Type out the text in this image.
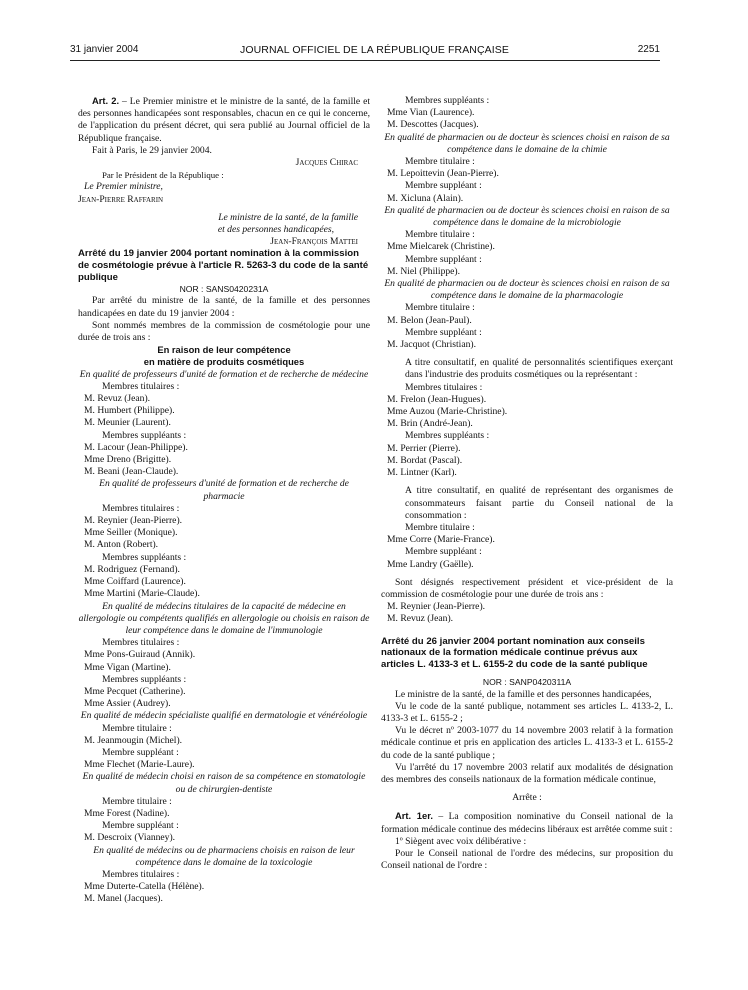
31 janvier 2004	JOURNAL OFFICIEL DE LA RÉPUBLIQUE FRANÇAISE	2251

Art. 2. – Le Premier ministre et le ministre de la santé, de la famille et des personnes handicapées sont responsables, chacun en ce qui le concerne, de l'application du présent décret, qui sera publié au Journal officiel de la République française.

Fait à Paris, le 29 janvier 2004.

Jacques Chirac

Par le Président de la République :

Le Premier ministre,

Jean-Pierre Raffarin

Le ministre de la santé, de la famille

et des personnes handicapées,

Jean-François Mattei

Arrêté du 19 janvier 2004 portant nomination à la commission de cosmétologie prévue à l'article R. 5263-3 du code de la santé publique

NOR : SANS0420231A

Par arrêté du ministre de la santé, de la famille et des personnes handicapées en date du 19 janvier 2004 :

Sont nommés membres de la commission de cosmétologie pour une durée de trois ans :

En raison de leur compétence
en matière de produits cosmétiques

En qualité de professeurs d'unité de formation et de recherche de médecine

Membres titulaires :

M. Revuz (Jean).

M. Humbert (Philippe).

M. Meunier (Laurent).

Membres suppléants :

M. Lacour (Jean-Philippe).

Mme Dreno (Brigitte).

M. Beani (Jean-Claude).

En qualité de professeurs d'unité de formation et de recherche de pharmacie

Membres titulaires :

M. Reynier (Jean-Pierre).

Mme Seiller (Monique).

M. Anton (Robert).

Membres suppléants :

M. Rodriguez (Fernand).

Mme Coiffard (Laurence).

Mme Martini (Marie-Claude).

En qualité de médecins titulaires de la capacité de médecine en allergologie ou compétents qualifiés en allergologie ou choisis en raison de leur compétence dans le domaine de l'immunologie

Membres titulaires :

Mme Pons-Guiraud (Annik).

Mme Vigan (Martine).

Membres suppléants :

Mme Pecquet (Catherine).

Mme Assier (Audrey).

En qualité de médecin spécialiste qualifié en dermatologie et vénéréologie

Membre titulaire :

M. Jeanmougin (Michel).

Membre suppléant :

Mme Flechet (Marie-Laure).

En qualité de médecin choisi en raison de sa compétence en stomatologie ou de chirurgien-dentiste

Membre titulaire :

Mme Forest (Nadine).

Membre suppléant :

M. Descroix (Vianney).

En qualité de médecins ou de pharmaciens choisis en raison de leur compétence dans le domaine de la toxicologie

Membres titulaires :

Mme Duterte-Catella (Hélène).

M. Manel (Jacques).

Membres suppléants :

Mme Vian (Laurence).

M. Descottes (Jacques).

En qualité de pharmacien ou de docteur ès sciences choisi en raison de sa compétence dans le domaine de la chimie

Membre titulaire :

M. Lepoittevin (Jean-Pierre).

Membre suppléant :

M. Xicluna (Alain).

En qualité de pharmacien ou de docteur ès sciences choisi en raison de sa compétence dans le domaine de la microbiologie

Membre titulaire :

Mme Mielcarek (Christine).

Membre suppléant :

M. Niel (Philippe).

En qualité de pharmacien ou de docteur ès sciences choisi en raison de sa compétence dans le domaine de la pharmacologie

Membre titulaire :

M. Belon (Jean-Paul).

Membre suppléant :

M. Jacquot (Christian).

A titre consultatif, en qualité de personnalités scientifiques exerçant dans l'industrie des produits cosmétiques ou la représentant :

Membres titulaires :

M. Frelon (Jean-Hugues).

Mme Auzou (Marie-Christine).

M. Brin (André-Jean).

Membres suppléants :

M. Perrier (Pierre).

M. Bordat (Pascal).

M. Lintner (Karl).

A titre consultatif, en qualité de représentant des organismes de consommateurs faisant partie du Conseil national de la consommation :

Membre titulaire :

Mme Corre (Marie-France).

Membre suppléant :

Mme Landry (Gaëlle).

Sont désignés respectivement président et vice-président de la commission de cosmétologie pour une durée de trois ans :

M. Reynier (Jean-Pierre).

M. Revuz (Jean).

Arrêté du 26 janvier 2004 portant nomination aux conseils nationaux de la formation médicale continue prévus aux articles L. 4133-3 et L. 6155-2 du code de la santé publique

NOR : SANP0420311A

Le ministre de la santé, de la famille et des personnes handicapées,

Vu le code de la santé publique, notamment ses articles L. 4133-2, L. 4133-3 et L. 6155-2 ;

Vu le décret nº 2003-1077 du 14 novembre 2003 relatif à la formation médicale continue et pris en application des articles L. 4133-3 et L. 6155-2 du code de la santé publique ;

Vu l'arrêté du 17 novembre 2003 relatif aux modalités de désignation des membres des conseils nationaux de la formation médicale continue,

Arrête :

Art. 1er. – La composition nominative du Conseil national de la formation médicale continue des médecins libéraux est arrêtée comme suit :

1º Siègent avec voix délibérative :

Pour le Conseil national de l'ordre des médecins, sur proposition du Conseil national de l'ordre :
